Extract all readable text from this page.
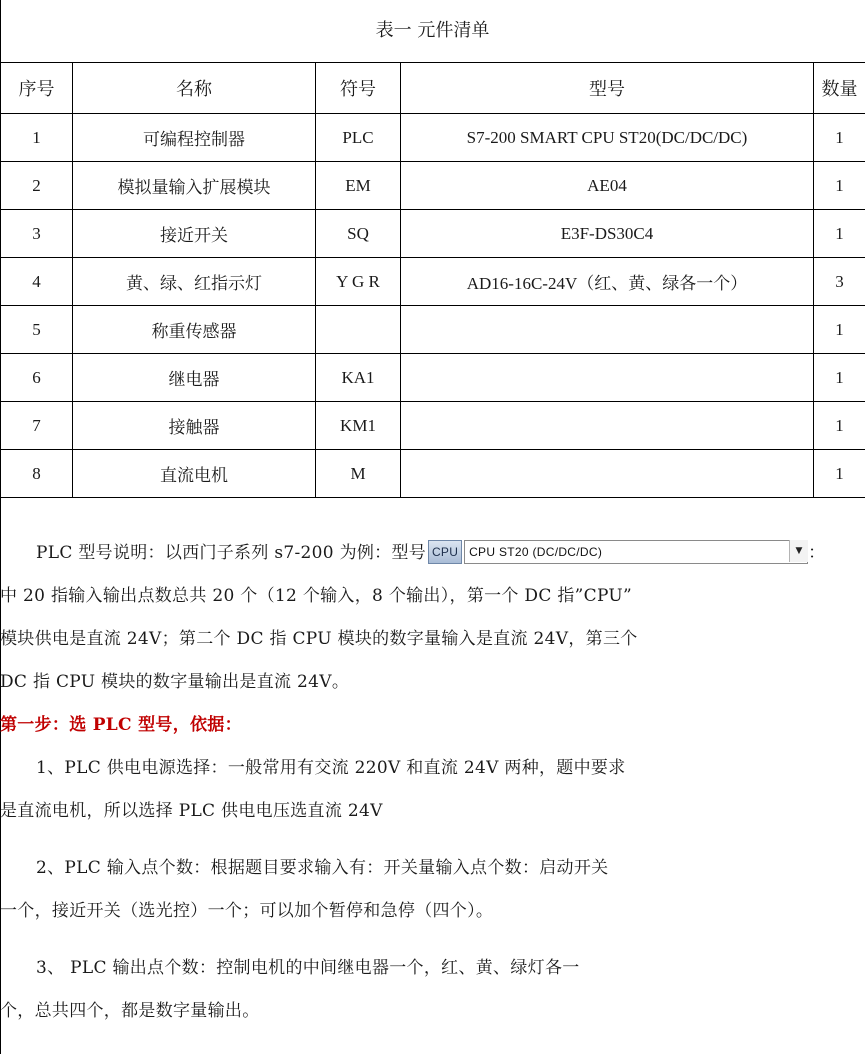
表一 元件清单
序号	名称	符号	型号	数量
1	可编程控制器	PLC	S7-200 SMART CPU ST20(DC/DC/DC)	1
2	模拟量输入扩展模块	EM	AE04	1
3	接近开关	SQ	E3F-DS30C4	1
4	黄、绿、红指示灯	Y G R	AD16-16C-24V（红、黄、绿各一个）	3
5	称重传感器			1
6	继电器	KA1		1
7	接触器	KM1		1
8	直流电机	M		1
PLC 型号说明：以西门子系列 s7-200 为例：型号 CPU CPU ST20 (DC/DC/DC)	▼ ：
中 20 指输入输出点数总共 20 个（12 个输入，8 个输出），第一个 DC 指”CPU”
模块供电是直流 24V；第二个 DC 指 CPU 模块的数字量输入是直流 24V，第三个
DC 指 CPU 模块的数字量输出是直流 24V。
第一步：选 PLC 型号，依据：
1、PLC 供电电源选择：一般常用有交流 220V 和直流 24V 两种，题中要求
是直流电机，所以选择 PLC 供电电压选直流 24V
2、PLC 输入点个数：根据题目要求输入有：开关量输入点个数：启动开关
一个，接近开关（选光控）一个；可以加个暂停和急停（四个）。
3、 PLC 输出点个数：控制电机的中间继电器一个，红、黄、绿灯各一
个，总共四个，都是数字量输出。
